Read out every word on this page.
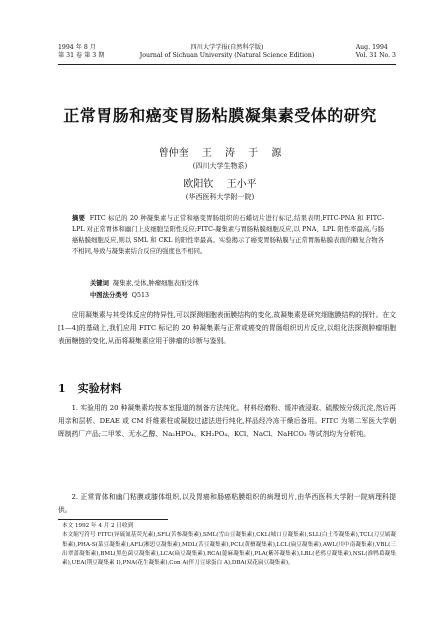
1994 年 8 月
第 31 卷 第 3 期
四川大学学报(自然科学版)
Journal of Sichuan University (Natural Science Edition)
Aug. 1994
Vol. 31 No. 3
正常胃肠和癌变胃肠粘膜凝集素受体的研究
曾仲奎 王 涛 于 源
(四川大学生物系)
欧阳钦 王小平
(华西医科大学附一院)
摘要 FITC 标记的 20 种凝集素与正常和癌变胃肠组织的石蜡切片进行标记,结果表明,FITC-PNA 和 FITC-LPL 对正常胃体和幽门上皮细胞呈阳性反应;FITC-凝集素与胃肠粘膜细胞反应,以 PNA、LPL 阳性率最高,与肠癌粘膜细胞反应,则以 SML 和 CKL 的阳性率最高。实验揭示了癌变胃肠粘膜与正常胃肠粘膜表面的糖复合物各不相同,导致与凝集素结合反应的强度也不相同。
关键词 凝集素,受体,肿瘤细胞表面受体
中图法分类号 Q513
应用凝集素与其受体反应的特异性,可以探测细胞表面膜结构的变化,故凝集素是研究细胞膜结构的探针。在文[1—4]的基础上,我们应用 FITC 标记的 20 种凝集素与正常或癌变的胃肠组织切片反应,以组化法探测肿瘤细胞表面糖链的变化,从而将凝集素应用于肿瘤的诊断与鉴别。
1 实验材料
1. 实验用的 20 种凝集素均按本室报道的制备方法纯化。材料经磨粉、缓冲液浸取、硫酸铵分级沉淀,然后再用亲和层析、DEAE 或 CM 纤维素柱或凝胶过滤法进行纯化,样品经冷冻干燥后备用。FITC 为第二军医大学朝晖制药厂产品;二甲苯、无水乙醇、Na₂HPO₄、KH₂PO₄、KCl、NaCl、NaHCO₃ 等试剂均为分析纯。
2. 正常胃体和幽门粘膜或膝体组织,以及胃癌和肠癌粘膜组织的病理切片,由华西医科大学附一院病理科提供。
本文 1992 年 4 月 2 日收到
本文缩写符号 FITC(异硫氰基荧光素),SFL(苦参凝集素),SML(雪山豆凝集素),CKL(城口豆凝集素),SLL(白土苓凝集素),TCL(刀豆属凝集素),PHA-S(菜豆凝集素),AFL(湘思豆凝集素),MDL(苦豆凝集素),PCL(黄檀凝集素),LCL(扁豆凝集素),AWL(川中南凝集素),VBL(三出翠蔷凝集素),BML(黑色菌豆凝集素),LCA(扁豆凝集素),RCA(蓖麻凝集素),PLA(紫苏凝集素),LBL(老鸦豆凝集素),NSL(淮鸭葛凝集素),UEA(荆豆凝集素 I),PNA(花生凝集素),Con A(伴刀豆球蛋白 A),DBA(双花扁豆凝集素)。
